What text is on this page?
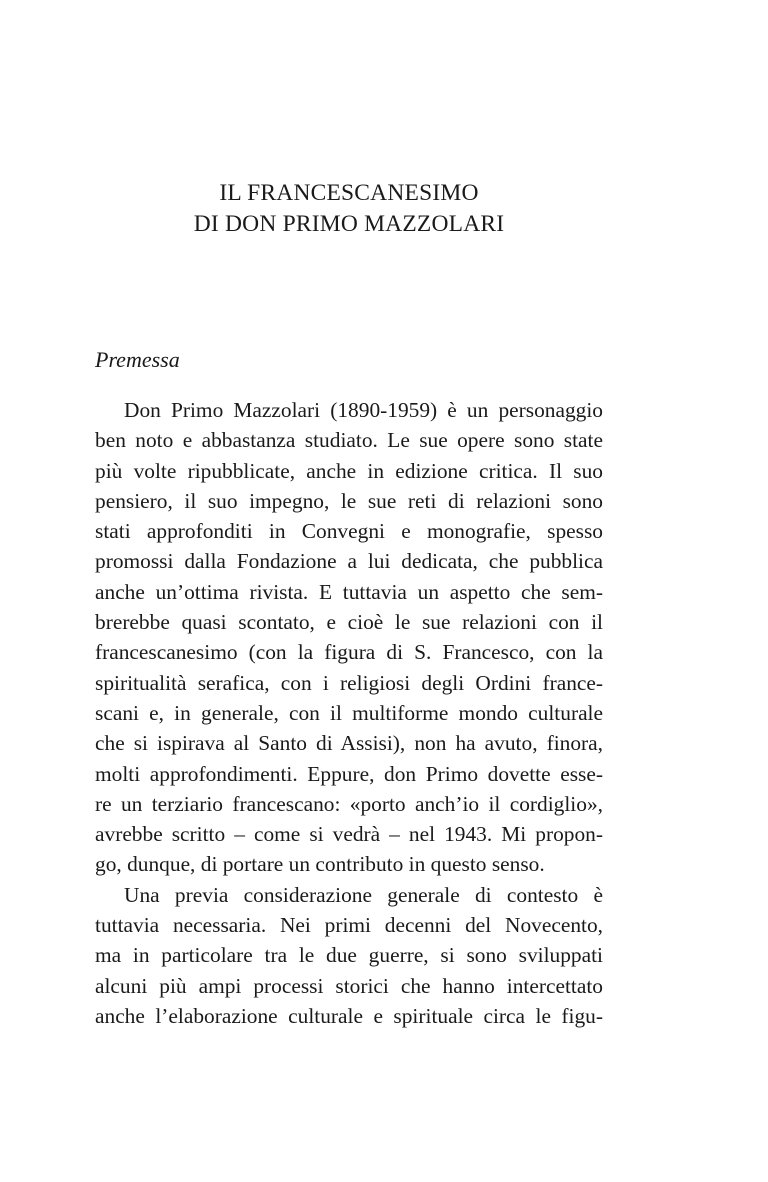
IL FRANCESCANESIMO
DI DON PRIMO MAZZOLARI
Premessa
Don Primo Mazzolari (1890-1959) è un personaggio
ben noto e abbastanza studiato. Le sue opere sono state
più volte ripubblicate, anche in edizione critica. Il suo
pensiero, il suo impegno, le sue reti di relazioni sono
stati approfonditi in Convegni e monografie, spesso
promossi dalla Fondazione a lui dedicata, che pubblica
anche un’ottima rivista. E tuttavia un aspetto che sem-
brerebbe quasi scontato, e cioè le sue relazioni con il
francescanesimo (con la figura di S. Francesco, con la
spiritualità serafica, con i religiosi degli Ordini france-
scani e, in generale, con il multiforme mondo culturale
che si ispirava al Santo di Assisi), non ha avuto, finora,
molti approfondimenti. Eppure, don Primo dovette esse-
re un terziario francescano: «porto anch’io il cordiglio»,
avrebbe scritto – come si vedrà – nel 1943. Mi propon-
go, dunque, di portare un contributo in questo senso.
Una previa considerazione generale di contesto è
tuttavia necessaria. Nei primi decenni del Novecento,
ma in particolare tra le due guerre, si sono sviluppati
alcuni più ampi processi storici che hanno intercettato
anche l’elaborazione culturale e spirituale circa le figu-
